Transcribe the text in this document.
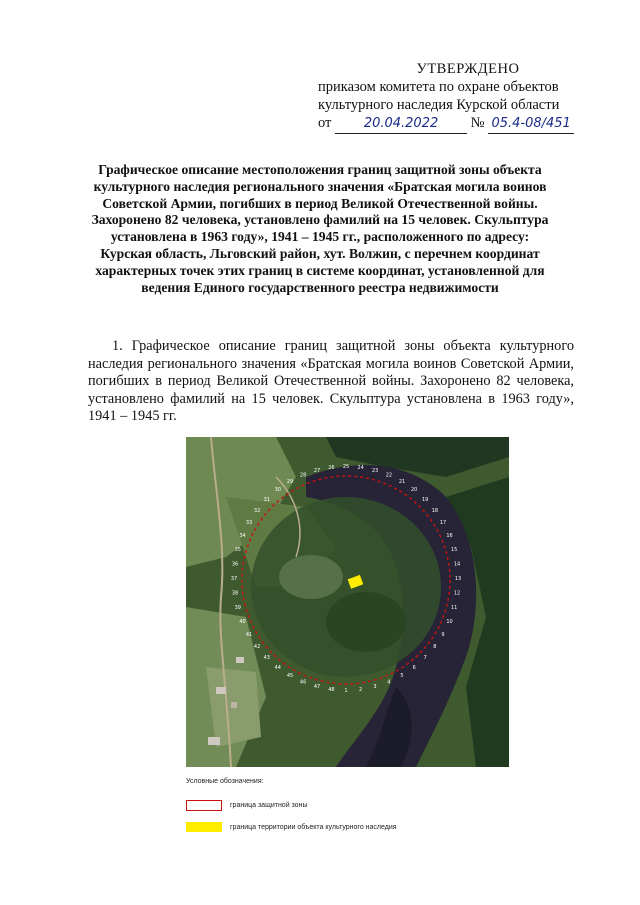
УТВЕРЖДЕНО
приказом комитета по охране объектов
культурного наследия Курской области
от 20.04.2022 № 05.4-08/451
Графическое описание местоположения границ защитной зоны объекта культурного наследия регионального значения «Братская могила воинов Советской Армии, погибших в период Великой Отечественной войны. Захоронено 82 человека, установлено фамилий на 15 человек. Скульптура установлена в 1963 году», 1941 – 1945 гг., расположенного по адресу: Курская область, Льговский район, хут. Волжин, с перечнем координат характерных точек этих границ в системе координат, установленной для ведения Единого государственного реестра недвижимости
1. Графическое описание границ защитной зоны объекта культурного наследия регионального значения «Братская могила воинов Советской Армии, погибших в период Великой Отечественной войны. Захоронено 82 человека, установлено фамилий на 15 человек. Скульптура установлена в 1963 году», 1941 – 1945 гг.
1 2 3
4
5
6
7
8
9
10
11
12
13
14
15
16
17
18
19
20
21
22
23
24
25
26
27
28
29
30
31
32
33
34
35
36
37
38
39
40
41
42
43
44
45
46
47 48
Условные обозначения:
граница защитной зоны
граница территории объекта культурного наследия
